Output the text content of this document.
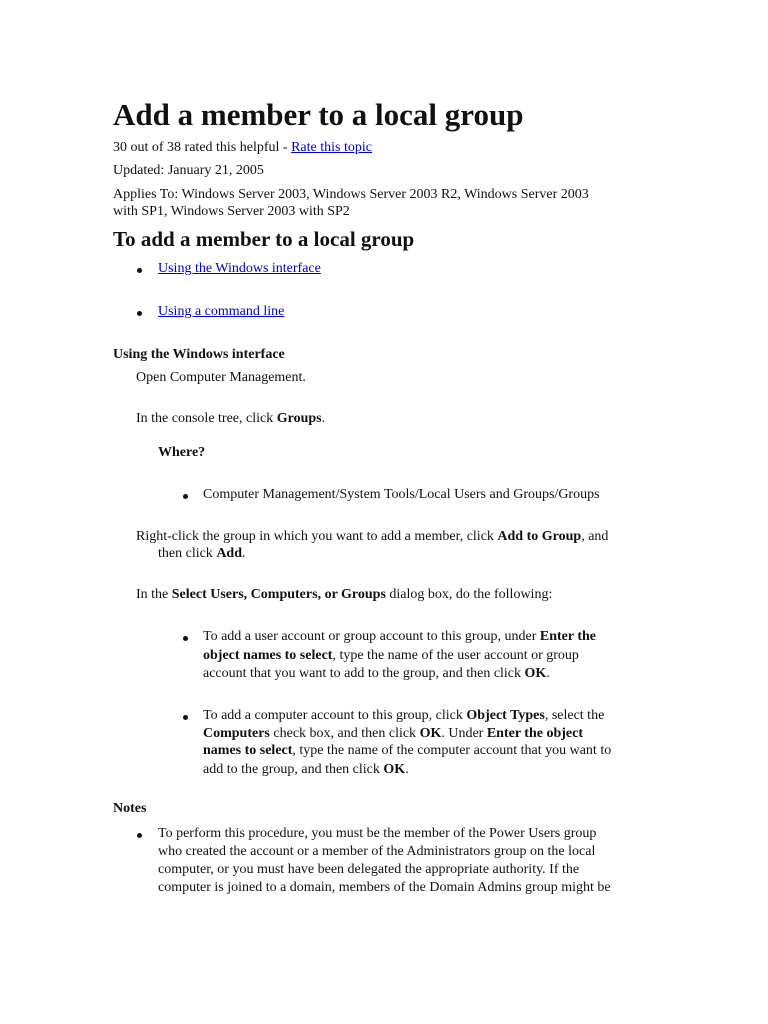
Add a member to a local group
30 out of 38 rated this helpful - Rate this topic
Updated: January 21, 2005
Applies To: Windows Server 2003, Windows Server 2003 R2, Windows Server 2003
with SP1, Windows Server 2003 with SP2
To add a member to a local group
Using the Windows interface
Using a command line
Using the Windows interface
Open Computer Management.
In the console tree, click Groups.
Where?
Computer Management/System Tools/Local Users and Groups/Groups
Right-click the group in which you want to add a member, click Add to Group, and
then click Add.
In the Select Users, Computers, or Groups dialog box, do the following:
To add a user account or group account to this group, under Enter the
object names to select, type the name of the user account or group
account that you want to add to the group, and then click OK.
To add a computer account to this group, click Object Types, select the
Computers check box, and then click OK. Under Enter the object
names to select, type the name of the computer account that you want to
add to the group, and then click OK.
Notes
To perform this procedure, you must be the member of the Power Users group
who created the account or a member of the Administrators group on the local
computer, or you must have been delegated the appropriate authority. If the
computer is joined to a domain, members of the Domain Admins group might be
